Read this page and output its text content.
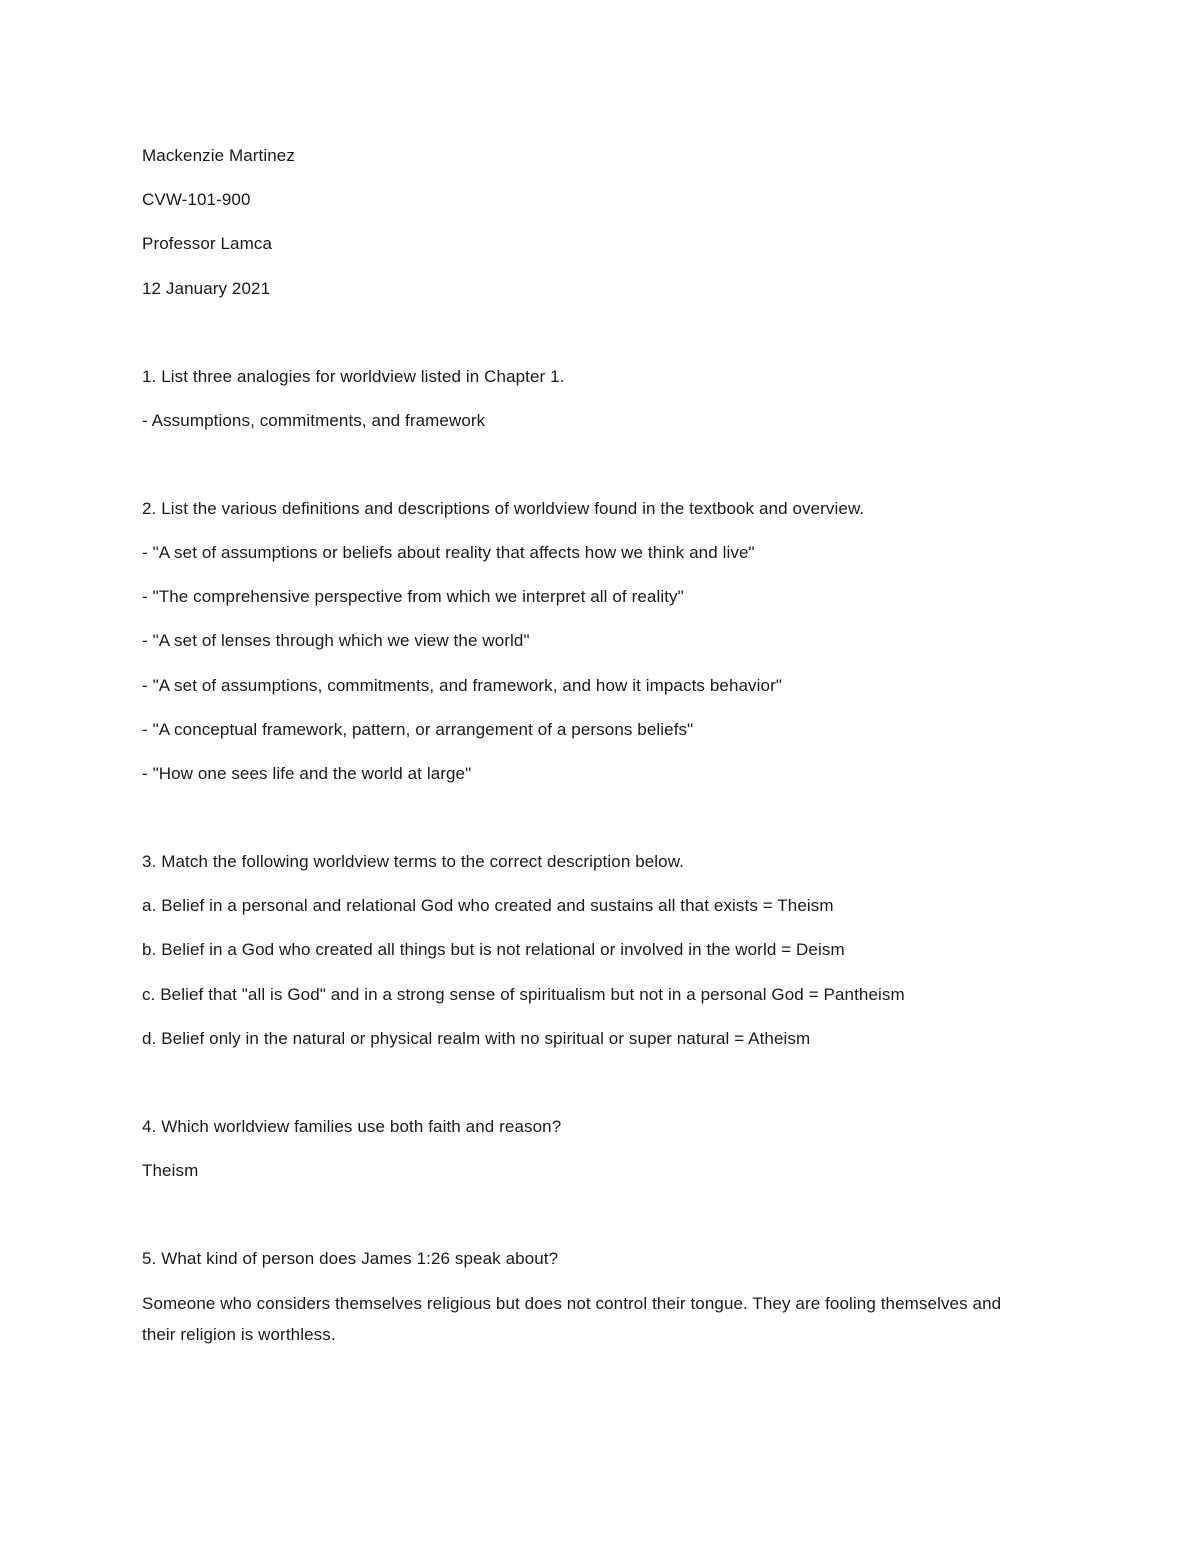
Mackenzie Martinez
CVW-101-900
Professor Lamca
12 January 2021
1. List three analogies for worldview listed in Chapter 1.
- Assumptions, commitments, and framework
2. List the various definitions and descriptions of worldview found in the textbook and overview.
- "A set of assumptions or beliefs about reality that affects how we think and live"
- "The comprehensive perspective from which we interpret all of reality"
- "A set of lenses through which we view the world"
- "A set of assumptions, commitments, and framework, and how it impacts behavior"
- "A conceptual framework, pattern, or arrangement of a persons beliefs"
- "How one sees life and the world at large"
3. Match the following worldview terms to the correct description below.
a. Belief in a personal and relational God who created and sustains all that exists = Theism
b. Belief in a God who created all things but is not relational or involved in the world = Deism
c. Belief that "all is God" and in a strong sense of spiritualism but not in a personal God = Pantheism
d. Belief only in the natural or physical realm with no spiritual or super natural = Atheism
4. Which worldview families use both faith and reason?
Theism
5. What kind of person does James 1:26 speak about?
Someone who considers themselves religious but does not control their tongue. They are fooling themselves and their religion is worthless.
